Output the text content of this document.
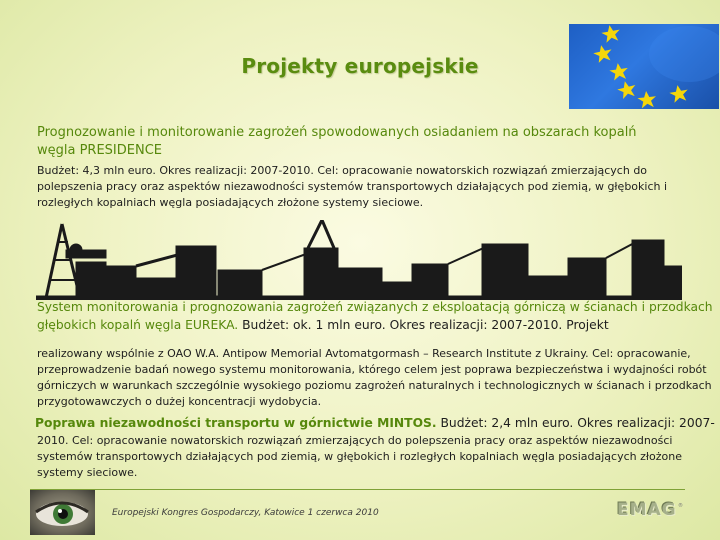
Projekty europejskie
Prognozowanie i monitorowanie zagrożeń spowodowanych osiadaniem na obszarach kopalń węgla PRESIDENCE
Budżet: 4,3 mln euro. Okres realizacji: 2007-2010. Cel: opracowanie nowatorskich rozwiązań zmierzających do polepszenia pracy oraz aspektów niezawodności systemów transportowych działających pod ziemią, w głębokich i rozległych kopalniach węgla posiadających złożone systemy sieciowe.
System monitorowania i prognozowania zagrożeń związanych z eksploatacją górniczą w ścianach i przodkach głębokich kopalń węgla EUREKA. Budżet: ok. 1 mln euro. Okres realizacji: 2007-2010. Projekt
realizowany wspólnie z OAO W.A. Antipow Memorial Avtomatgormash – Research Institute z Ukrainy. Cel: opracowanie, przeprowadzenie badań nowego systemu monitorowania, którego celem jest poprawa bezpieczeństwa i wydajności robót górniczych w warunkach szczególnie wysokiego poziomu zagrożeń naturalnych i technologicznych w ścianach i przodkach przygotowawczych o dużej koncentracji wydobycia.
Poprawa niezawodności transportu w górnictwie MINTOS. Budżet: 2,4 mln euro. Okres realizacji: 2007-
2010. Cel: opracowanie nowatorskich rozwiązań zmierzających do polepszenia pracy oraz aspektów niezawodności systemów transportowych działających pod ziemią, w głębokich i rozległych kopalniach węgla posiadających złożone systemy sieciowe.
Europejski Kongres Gospodarczy, Katowice 1 czerwca 2010	EMAG ®
